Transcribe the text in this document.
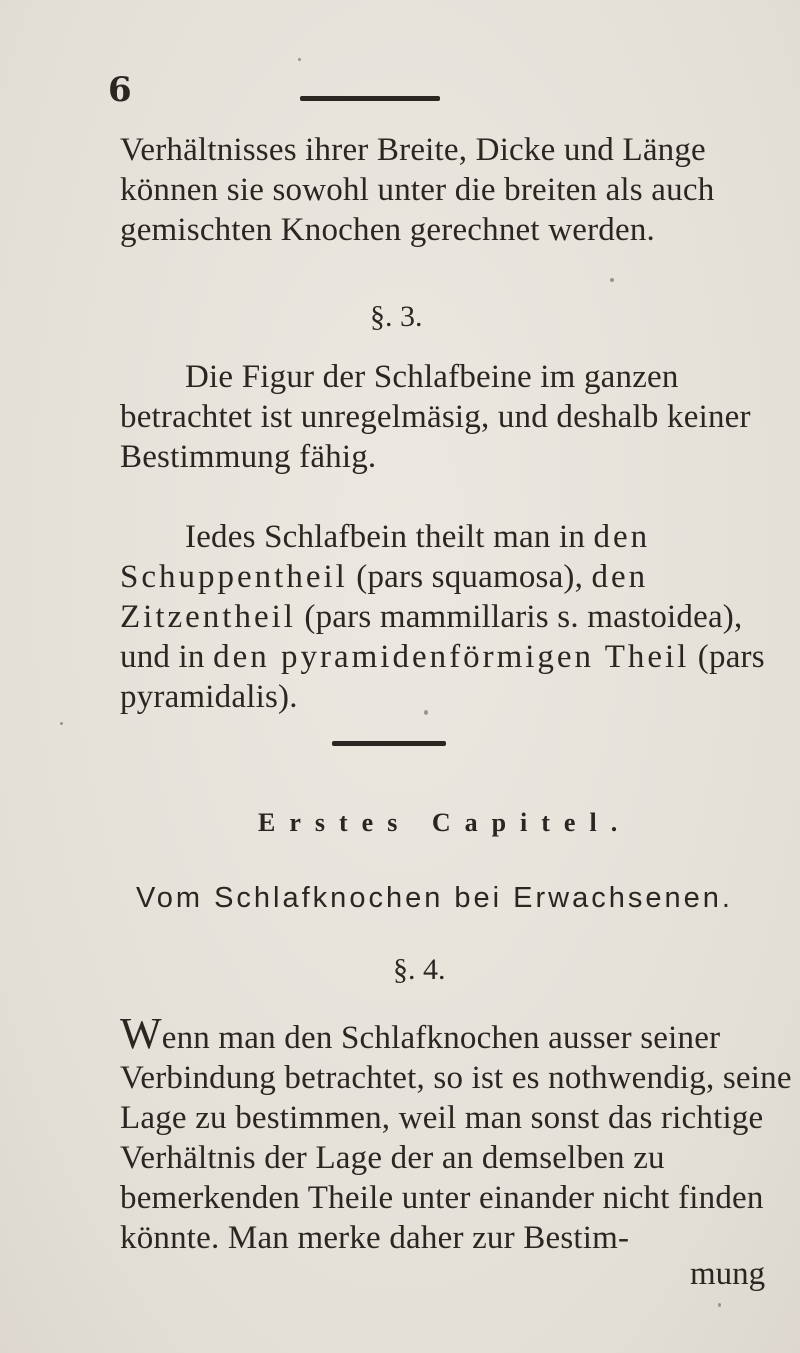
6

Verhältnisses ihrer Breite, Dicke und Länge können sie sowohl unter die breiten als auch gemischten Knochen gerechnet werden.

§. 3.

Die Figur der Schlafbeine im ganzen betrachtet ist unregelmäsig, und deshalb keiner Bestimmung fähig.

Iedes Schlafbein theilt man in den Schuppentheil (pars squamosa), den Zitzentheil (pars mammillaris s. mastoidea), und in den pyramidenförmigen Theil (pars pyramidalis).

Erstes Capitel.
Vom Schlafknochen bei Erwachsenen.
§. 4.

Wenn man den Schlafknochen ausser seiner Verbindung betrachtet, so ist es nothwendig, seine Lage zu bestimmen, weil man sonst das richtige Verhältnis der Lage der an demselben zu bemerkenden Theile unter einander nicht finden könnte. Man merke daher zur Bestim-

mung
